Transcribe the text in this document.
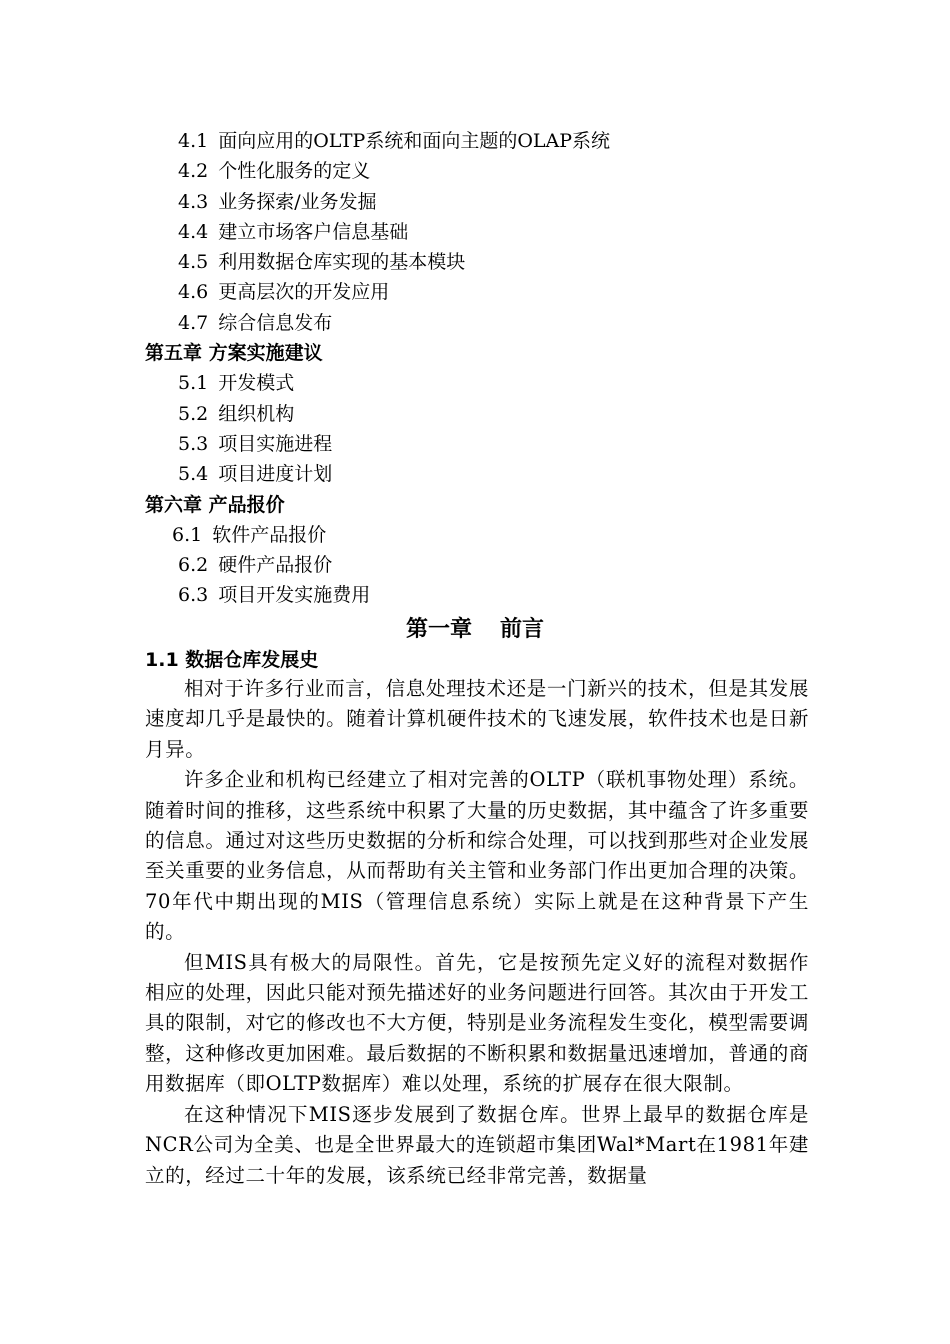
4.1 面向应用的OLTP系统和面向主题的OLAP系统
4.2 个性化服务的定义
4.3 业务探索/业务发掘
4.4 建立市场客户信息基础
4.5 利用数据仓库实现的基本模块
4.6 更高层次的开发应用
4.7 综合信息发布
第五章 方案实施建议
5.1 开发模式
5.2 组织机构
5.3 项目实施进程
5.4 项目进度计划
第六章 产品报价
6.1 软件产品报价
6.2 硬件产品报价
6.3 项目开发实施费用
第一章 前言
1.1 数据仓库发展史

相对于许多行业而言，信息处理技术还是一门新兴的技术，但是其发展速度却几乎是最快的。随着计算机硬件技术的飞速发展，软件技术也是日新月异。

许多企业和机构已经建立了相对完善的OLTP（联机事物处理）系统。随着时间的推移，这些系统中积累了大量的历史数据，其中蕴含了许多重要的信息。通过对这些历史数据的分析和综合处理，可以找到那些对企业发展至关重要的业务信息，从而帮助有关主管和业务部门作出更加合理的决策。70年代中期出现的MIS（管理信息系统）实际上就是在这种背景下产生的。

但MIS具有极大的局限性。首先，它是按预先定义好的流程对数据作相应的处理，因此只能对预先描述好的业务问题进行回答。其次由于开发工具的限制，对它的修改也不大方便，特别是业务流程发生变化，模型需要调整，这种修改更加困难。最后数据的不断积累和数据量迅速增加，普通的商用数据库（即OLTP数据库）难以处理，系统的扩展存在很大限制。

在这种情况下MIS逐步发展到了数据仓库。世界上最早的数据仓库是NCR公司为全美、也是全世界最大的连锁超市集团Wal*Mart在1981年建立的，经过二十年的发展，该系统已经非常完善，数据量
